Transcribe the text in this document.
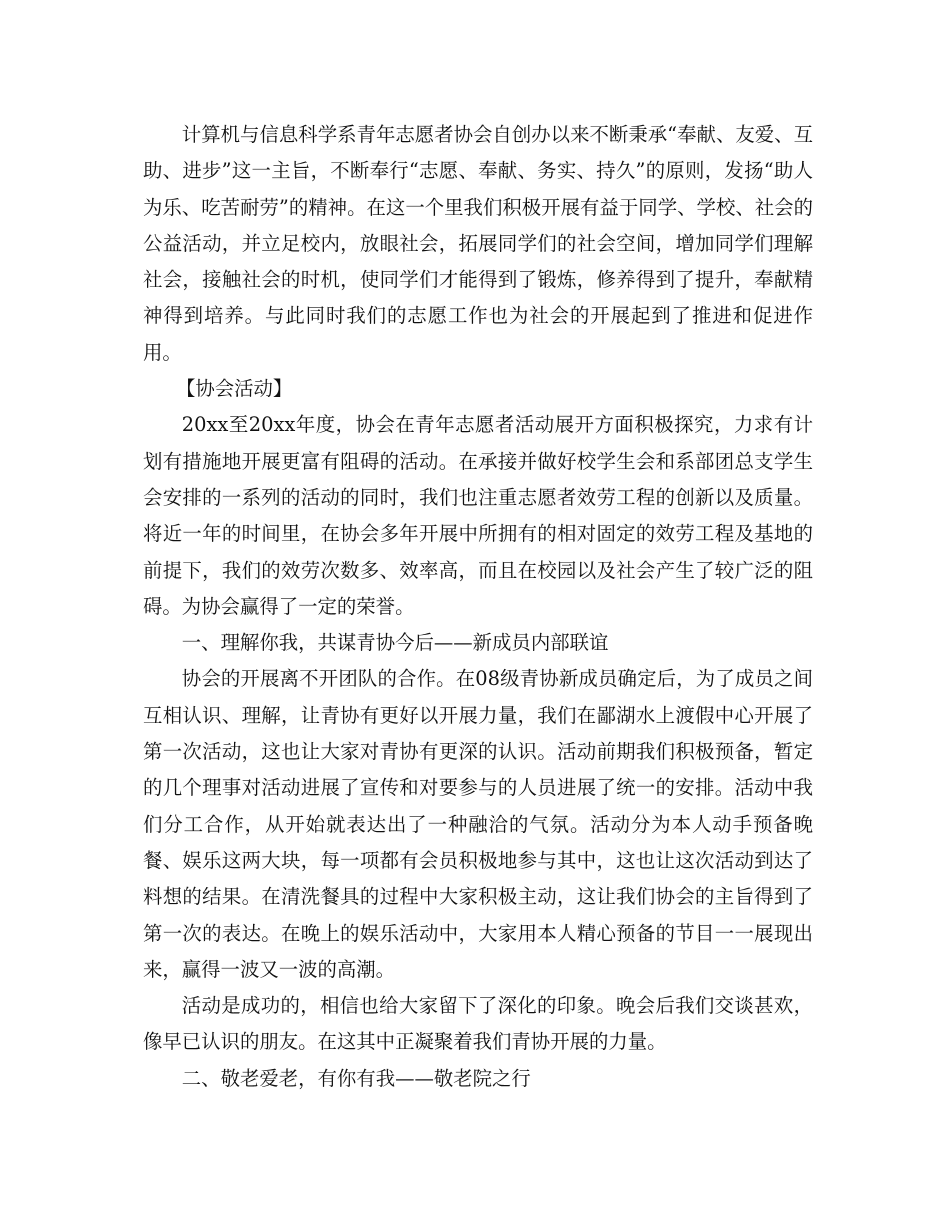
计算机与信息科学系青年志愿者协会自创办以来不断秉承“奉献、友爱、互助、进步”这一主旨，不断奉行“志愿、奉献、务实、持久”的原则，发扬“助人为乐、吃苦耐劳”的精神。在这一个里我们积极开展有益于同学、学校、社会的公益活动，并立足校内，放眼社会，拓展同学们的社会空间，增加同学们理解社会，接触社会的时机，使同学们才能得到了锻炼，修养得到了提升，奉献精神得到培养。与此同时我们的志愿工作也为社会的开展起到了推进和促进作用。

【协会活动】

20xx至20xx年度，协会在青年志愿者活动展开方面积极探究，力求有计划有措施地开展更富有阻碍的活动。在承接并做好校学生会和系部团总支学生会安排的一系列的活动的同时，我们也注重志愿者效劳工程的创新以及质量。将近一年的时间里，在协会多年开展中所拥有的相对固定的效劳工程及基地的前提下，我们的效劳次数多、效率高，而且在校园以及社会产生了较广泛的阻碍。为协会赢得了一定的荣誉。

一、理解你我，共谋青协今后——新成员内部联谊

协会的开展离不开团队的合作。在08级青协新成员确定后，为了成员之间互相认识、理解，让青协有更好以开展力量，我们在鄙湖水上渡假中心开展了第一次活动，这也让大家对青协有更深的认识。活动前期我们积极预备，暂定的几个理事对活动进展了宣传和对要参与的人员进展了统一的安排。活动中我们分工合作，从开始就表达出了一种融洽的气氛。活动分为本人动手预备晚餐、娱乐这两大块，每一项都有会员积极地参与其中，这也让这次活动到达了料想的结果。在清洗餐具的过程中大家积极主动，这让我们协会的主旨得到了第一次的表达。在晚上的娱乐活动中，大家用本人精心预备的节目一一展现出来，赢得一波又一波的高潮。

活动是成功的，相信也给大家留下了深化的印象。晚会后我们交谈甚欢，像早已认识的朋友。在这其中正凝聚着我们青协开展的力量。

二、敬老爱老，有你有我——敬老院之行
